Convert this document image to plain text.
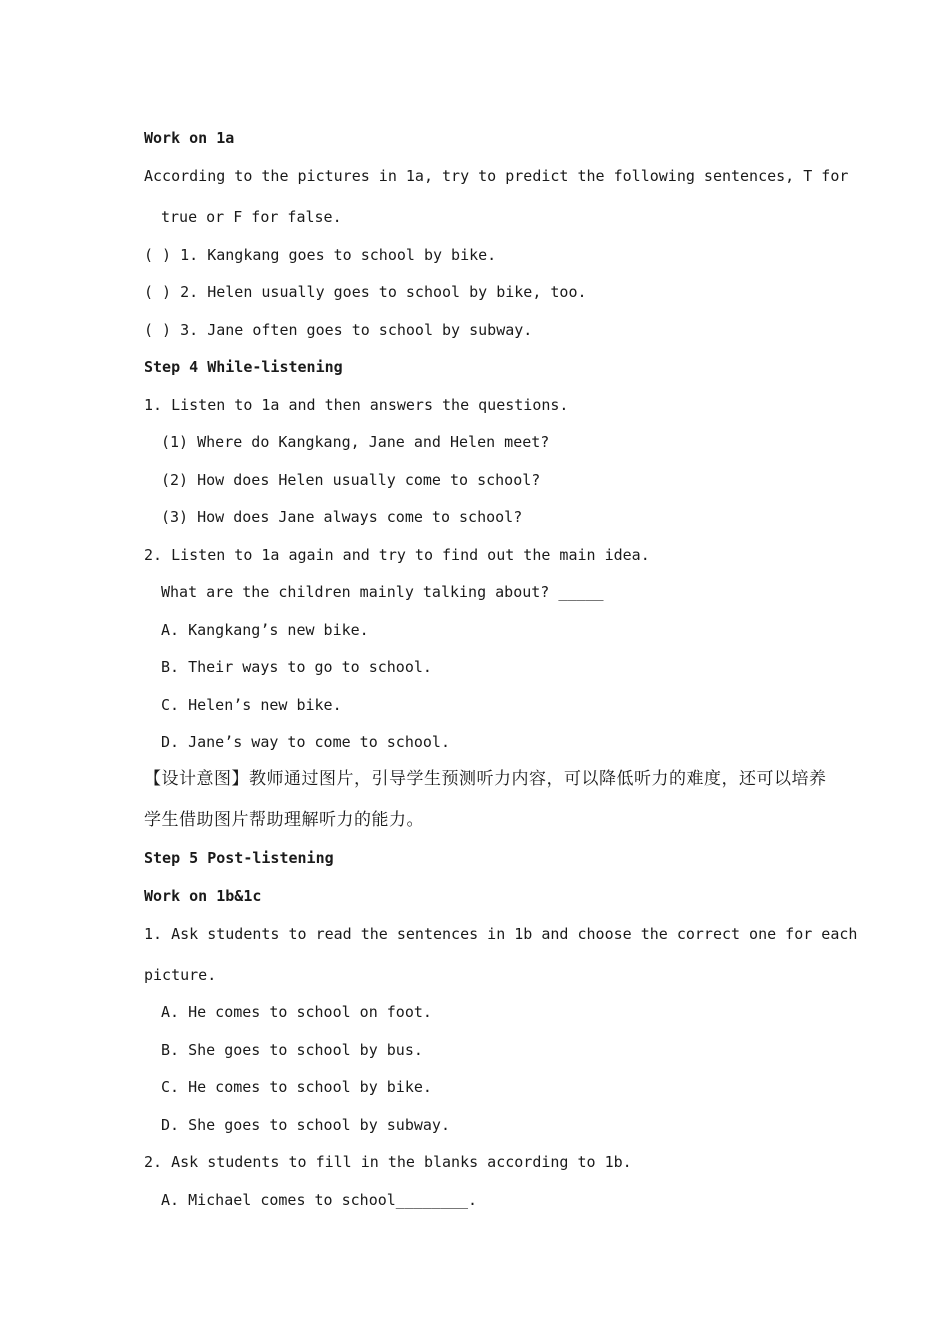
Work on 1a
According to the pictures in 1a, try to predict the following sentences, T for
true or F for false.
( ) 1. Kangkang goes to school by bike.
( ) 2. Helen usually goes to school by bike, too.
( ) 3. Jane often goes to school by subway.
Step 4 While-listening
1. Listen to 1a and then answers the questions.
(1) Where do Kangkang, Jane and Helen meet?
(2) How does Helen usually come to school?
(3) How does Jane always come to school?
2. Listen to 1a again and try to find out the main idea.
What are the children mainly talking about? _____
A. Kangkang’s new bike.
B. Their ways to go to school.
C. Helen’s new bike.
D. Jane’s way to come to school.
【设计意图】教师通过图片，引导学生预测听力内容，可以降低听力的难度，还可以培养
学生借助图片帮助理解听力的能力。
Step 5 Post-listening
Work on 1b&1c
1. Ask students to read the sentences in 1b and choose the correct one for each
picture.
A. He comes to school on foot.
B. She goes to school by bus.
C. He comes to school by bike.
D. She goes to school by subway.
2. Ask students to fill in the blanks according to 1b.
A. Michael comes to school________.
